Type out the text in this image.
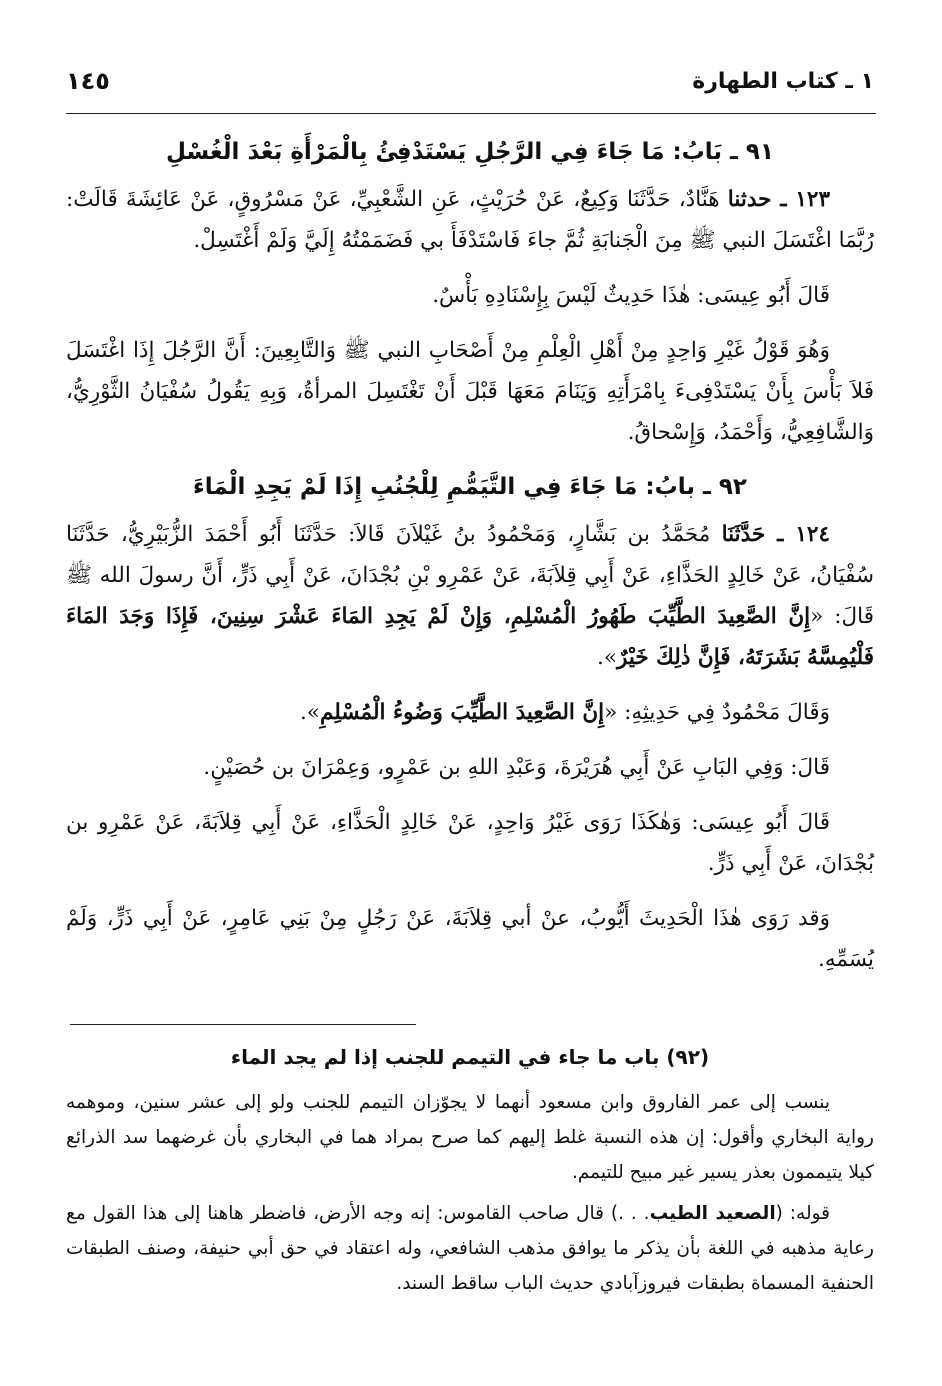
١ ـ كتاب الطهارة
١٤٥
٩١ ـ بَابُ: مَا جَاءَ فِي الرَّجُلِ يَسْتَدْفِئُ بِالْمَرْأَةِ بَعْدَ الْغُسْلِ

١٢٣ ـ حدثنا هَنَّادٌ، حَدَّثَنَا وَكِيعٌ، عَنْ حُرَيْثٍ، عَنِ الشَّعْبِيِّ، عَنْ مَسْرُوقٍ، عَنْ عَائِشَةَ قَالَتْ: رُبَّمَا اغْتَسَلَ النبي ﷺ مِنَ الْجَنابَةِ ثُمَّ جاءَ فَاسْتَدْفَأَ بي فَضَمَمْتُهُ إِلَيَّ وَلَمْ أَغْتَسِلْ.

قَالَ أَبُو عِيسَى: هٰذَا حَدِيثٌ لَيْسَ بِإِسْنَادِهِ بَأْسٌ.

وَهُوَ قَوْلُ غَيْرِ وَاحِدٍ مِنْ أَهْلِ الْعِلْمِ مِنْ أَصْحَابِ النبي ﷺ وَالتَّابِعِينَ: أَنَّ الرَّجُلَ إِذَا اغْتَسَلَ فَلاَ بَأْسَ بِأَنْ يَسْتَدْفِىءَ بِامْرَأَتِهِ وَيَنَامَ مَعَهَا قَبْلَ أَنْ تَغْتَسِلَ المرأةُ، وَبِهِ يَقُولُ سُفْيَانُ الثَّوْرِيُّ، وَالشَّافِعِيُّ، وَأَحْمَدُ، وَإِسْحاقُ.

٩٢ ـ بابُ: مَا جَاءَ فِي التَّيَمُّمِ لِلْجُنُبِ إِذَا لَمْ يَجِدِ الْمَاءَ

١٢٤ ـ حَدَّثَنَا مُحَمَّدُ بن بَشَّارٍ، وَمَحْمُودُ بنُ غَيْلاَنَ قَالاَ: حَدَّثَنَا أَبُو أَحْمَدَ الزُّبَيْرِيُّ، حَدَّثَنَا سُفْيَانُ، عَنْ خَالِدٍ الحَذَّاءِ، عَنْ أَبِي قِلاَبَةَ، عَنْ عَمْرِو بْنِ بُجْدَانَ، عَنْ أَبِي ذَرٍّ، أَنَّ رسولَ الله ﷺ قَالَ: «إِنَّ الصَّعِيدَ الطَّيِّبَ طَهُورُ الْمُسْلِمِ، وَإِنْ لَمْ يَجِدِ المَاءَ عَشْرَ سِنِينَ، فَإِذَا وَجَدَ المَاءَ فَلْيُمِسَّهُ بَشَرَتَهُ، فَإِنَّ ذٰلِكَ خَيْرٌ».

وَقَالَ مَحْمُودٌ فِي حَدِيثِهِ: «إِنَّ الصَّعِيدَ الطَّيِّبَ وَضُوءُ الْمُسْلِمِ».

قَالَ: وَفِي البَابِ عَنْ أَبِي هُرَيْرَةَ، وَعَبْدِ اللهِ بن عَمْرٍو، وَعِمْرَانَ بن حُصَيْنٍ.

قَالَ أَبُو عِيسَى: وَهٰكَذَا رَوَى غَيْرُ وَاحِدٍ، عَنْ خَالِدٍ الْحَذَّاءِ، عَنْ أَبِي قِلاَبَةَ، عَنْ عَمْرِو بن بُجْدَانَ، عَنْ أَبِي ذَرٍّ.

وَقد رَوَى هٰذَا الْحَدِيثَ أَيُّوبُ، عنْ أبي قِلاَبَةَ، عَنْ رَجُلٍ مِنْ بَنِي عَامِرٍ، عَنْ أَبِي ذَرٍّ، وَلَمْ يُسَمِّهِ.

(٩٢) باب ما جاء في التيمم للجنب إذا لم يجد الماء

ينسب إلى عمر الفاروق وابن مسعود أنهما لا يجوّزان التيمم للجنب ولو إلى عشر سنين، وموهمه رواية البخاري وأقول: إن هذه النسبة غلط إليهم كما صرح بمراد هما في البخاري بأن غرضهما سد الذرائع كيلا يتيممون بعذر يسير غير مبيح للتيمم.

قوله: (الصعيد الطيب. . .) قال صاحب القاموس: إنه وجه الأرض، فاضطر هاهنا إلى هذا القول مع رعاية مذهبه في اللغة بأن يذكر ما يوافق مذهب الشافعي، وله اعتقاد في حق أبي حنيفة، وصنف الطبقات الحنفية المسماة بطبقات فيروزآبادي حديث الباب ساقط السند.
